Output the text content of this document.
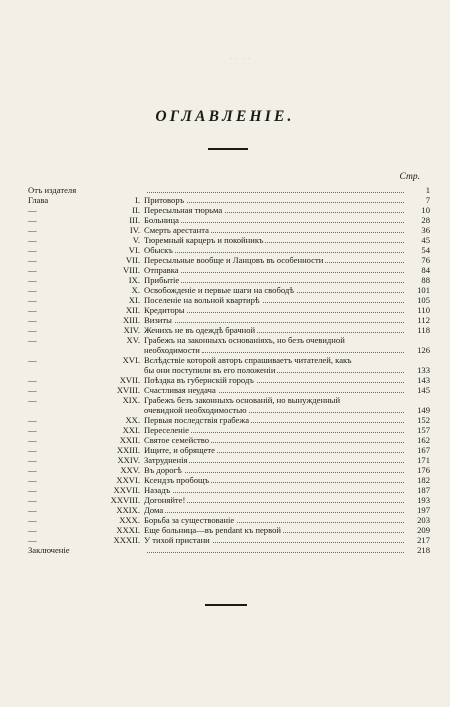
. . . .
ОГЛАВЛЕНІЕ.
Стр.
Отъ издателя	1
Глава	I. Притоворъ	7
—	II. Пересыльная тюрьма	10
—	III. Больница	28
—	IV. Смерть арестанта	36
—	V. Тюремный карцеръ и покойникъ	45
—	VI. Обыскъ	54
—	VII. Пересыльные вообще и Ланцовъ въ особенности	76
—	VIII. Отправка	84
—	IX. Прибытіе	88
—	X. Освобожденіе и первые шаги на свободѣ	101
—	XI. Поселеніе на вольной квартирѣ	105
—	XII. Кредиторы	110
—	XIII. Визиты	112
—	XIV. Женихъ не въ одеждѣ брачной	118
—	XV. Грабежъ на законныхъ основаніяхъ, но безъ очевидной
необходимости	126
—	XVI. Вслѣдствіе которой авторъ спрашиваетъ читателей, какъ
бы они поступили въ его положеніи	133
—	XVII. Поѣздка въ губернскій городъ	143
—	XVIII. Счастливая неудача	145
—	XIX. Грабежъ безъ законныхъ основаній, но вынужденный
очевидной необходимостью	149
—	XX. Первыя последствія грабежа	152
—	XXI. Переселеніе	157
—	XXII. Святое семейство	162
—	XXIII. Ищите, и обрящете	167
—	XXIV. Затрудненія	171
—	XXV. Въ дорогѣ	176
—	XXVI. Ксендзъ пробощъ	182
—	XXVII. Назадъ	187
—	XXVIII. Догоняйте!	193
—	XXIX. Дома	197
—	XXX. Борьба за существованіе	203
—	XXXI. Еще больница—въ pendant къ первой	209
—	XXXII. У тихой пристани	217
Заключеніе	218
